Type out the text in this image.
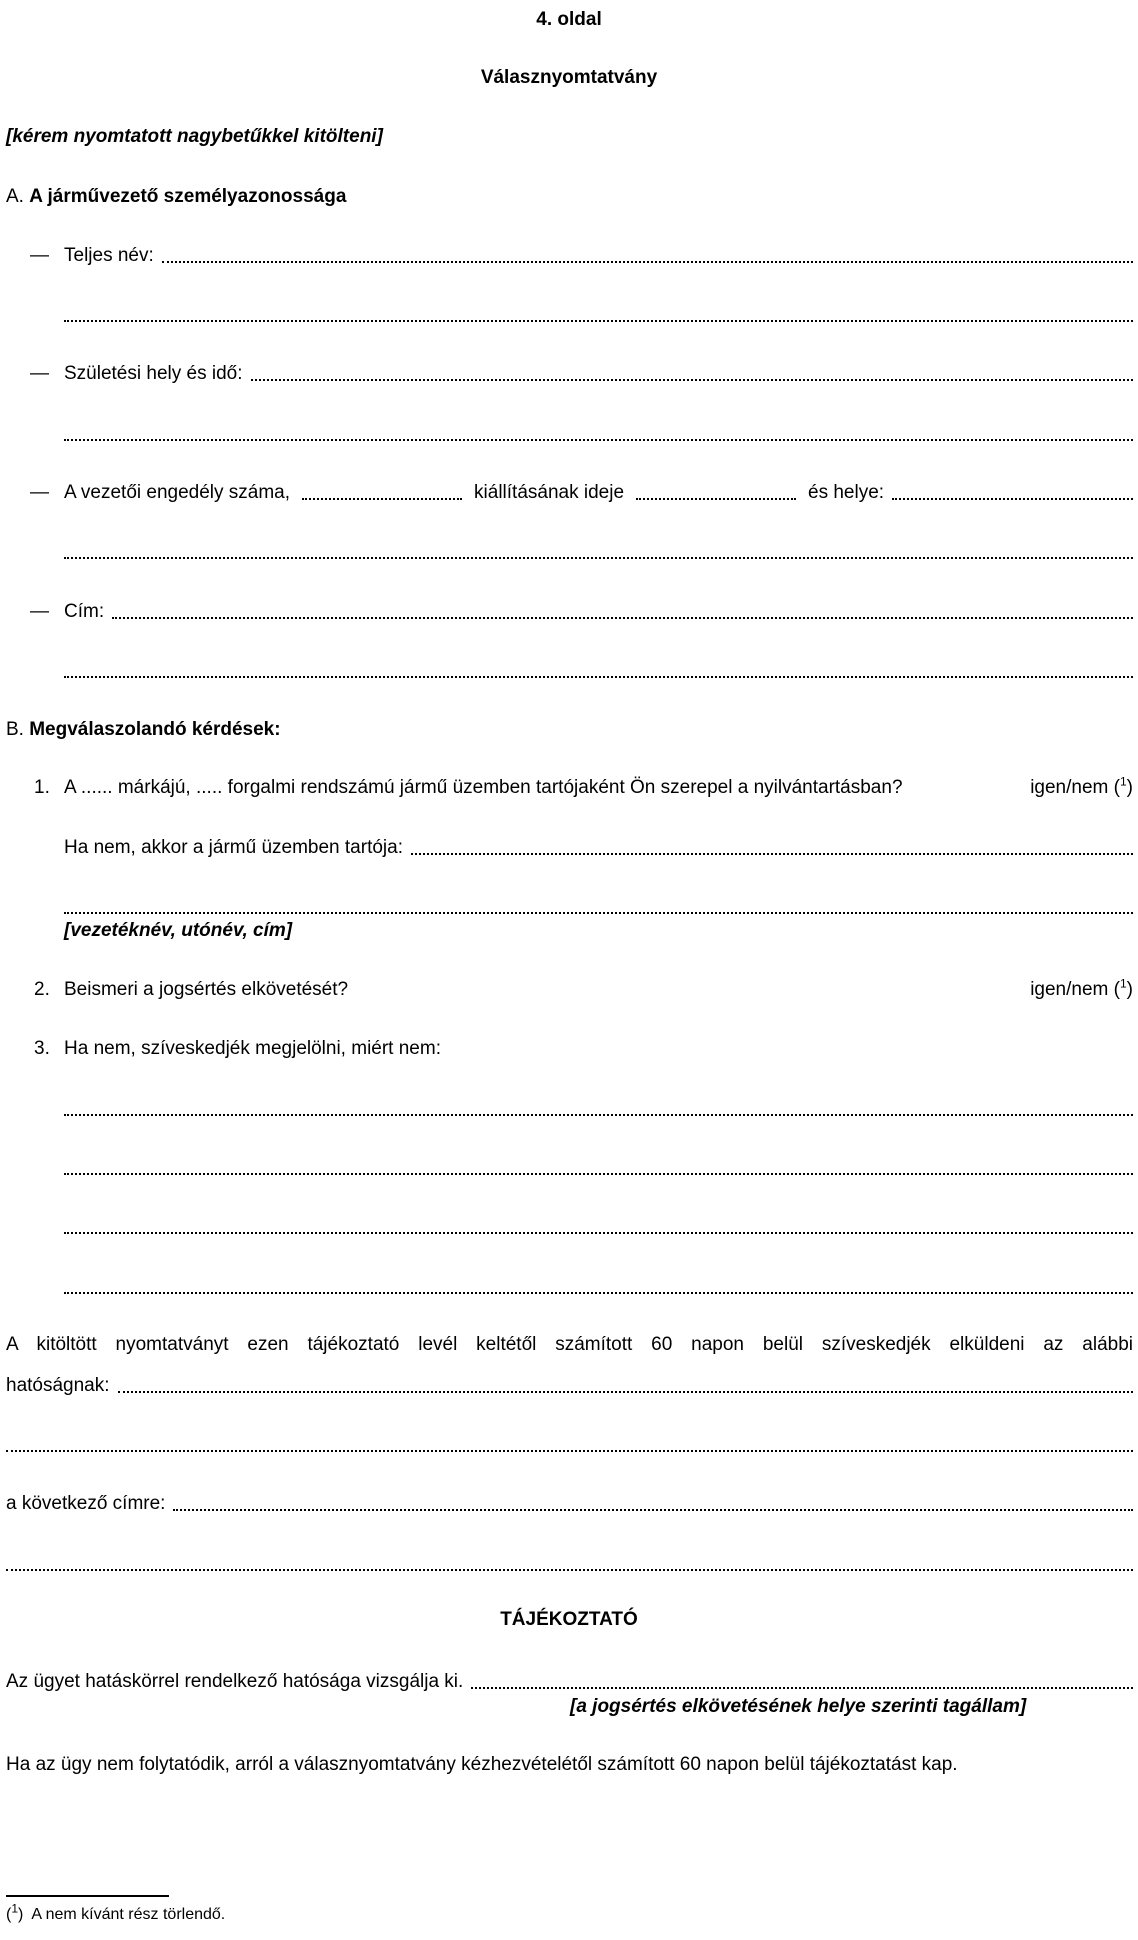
4. oldal
Válasznyomtatvány
[kérem nyomtatott nagybetűkkel kitölteni]
A.
A járművezető személyazonossága
— Teljes név:
— Születési hely és idő:
— A vezetői engedély száma,	kiállításának ideje	és helye:
— Cím:
B.
Megválaszolandó kérdések:
1. A ...... márkájú, ..... forgalmi rendszámú jármű üzemben tartójaként Ön szerepel a nyilvántartásban?	igen/nem ($^1$)
Ha nem, akkor a jármű üzemben tartója:
[vezetéknév, utónév, cím]
2. Beismeri a jogsértés elkövetését?	igen/nem ($^1$)
3. Ha nem, szíveskedjék megjelölni, miért nem:
A kitöltött nyomtatványt ezen tájékoztató levél keltétől számított 60 napon belül szíveskedjék elküldeni az alábbi
hatóságnak:
a következő címre:
TÁJÉKOZTATÓ
Az ügyet hatáskörrel rendelkező hatósága vizsgálja ki.
[a jogsértés elkövetésének helye szerinti tagállam]
Ha az ügy nem folytatódik, arról a válasznyomtatvány kézhezvételétől számított 60 napon belül tájékoztatást kap.
($^1$)  A nem kívánt rész törlendő.
